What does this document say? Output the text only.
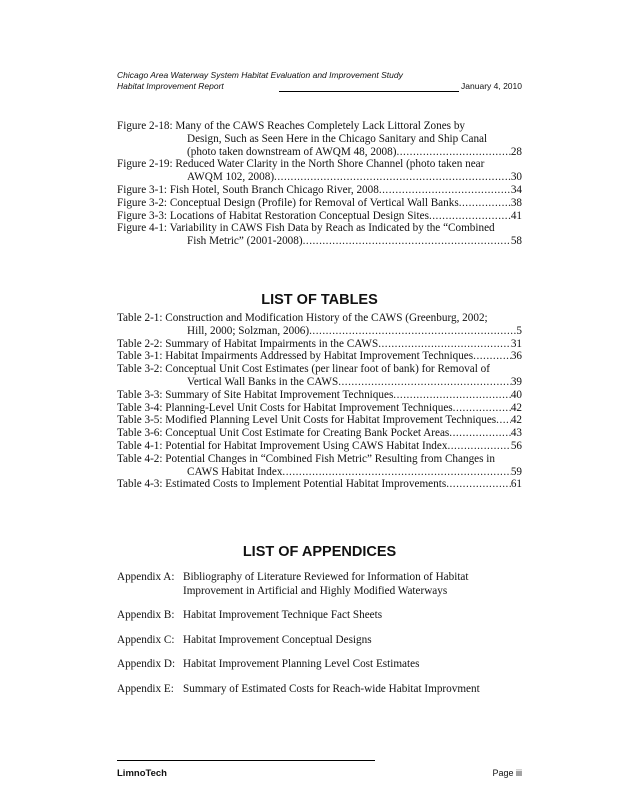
Chicago Area Waterway System Habitat Evaluation and Improvement Study
Habitat Improvement Report	January 4, 2010
Figure 2-18: Many of the CAWS Reaches Completely Lack Littoral Zones by
Design, Such as Seen Here in the Chicago Sanitary and Ship Canal
(photo taken downstream of AWQM 48, 2008) .....	28
Figure 2-19: Reduced Water Clarity in the North Shore Channel (photo taken near
AWQM 102, 2008) .....	30
Figure 3-1: Fish Hotel, South Branch Chicago River, 2008 .....	34
Figure 3-2: Conceptual Design (Profile) for Removal of Vertical Wall Banks .....	38
Figure 3-3: Locations of Habitat Restoration Conceptual Design Sites .....	41
Figure 4-1: Variability in CAWS Fish Data by Reach as Indicated by the “Combined
Fish Metric” (2001-2008) .....	58
LIST OF TABLES
Table 2-1: Construction and Modification History of the CAWS (Greenburg, 2002;
Hill, 2000; Solzman, 2006) .....	5
Table 2-2: Summary of Habitat Impairments in the CAWS .....	31
Table 3-1: Habitat Impairments Addressed by Habitat Improvement Techniques .....	36
Table 3-2: Conceptual Unit Cost Estimates (per linear foot of bank) for Removal of
Vertical Wall Banks in the CAWS .....	39
Table 3-3: Summary of Site Habitat Improvement Techniques .....	40
Table 3-4: Planning-Level Unit Costs for Habitat Improvement Techniques .....	42
Table 3-5: Modified Planning Level Unit Costs for Habitat Improvement Techniques ..... 42
Table 3-6: Conceptual Unit Cost Estimate for Creating Bank Pocket Areas .....	43
Table 4-1: Potential for Habitat Improvement Using CAWS Habitat Index .....	56
Table 4-2: Potential Changes in “Combined Fish Metric” Resulting from Changes in
CAWS Habitat Index .....	59
Table 4-3: Estimated Costs to Implement Potential Habitat Improvements .....	61
LIST OF APPENDICES
Appendix A: Bibliography of Literature Reviewed for Information of Habitat
Improvement in Artificial and Highly Modified Waterways
Appendix B: Habitat Improvement Technique Fact Sheets
Appendix C: Habitat Improvement Conceptual Designs
Appendix D: Habitat Improvement Planning Level Cost Estimates
Appendix E: Summary of Estimated Costs for Reach-wide Habitat Improvment
LimnoTech	Page iii
